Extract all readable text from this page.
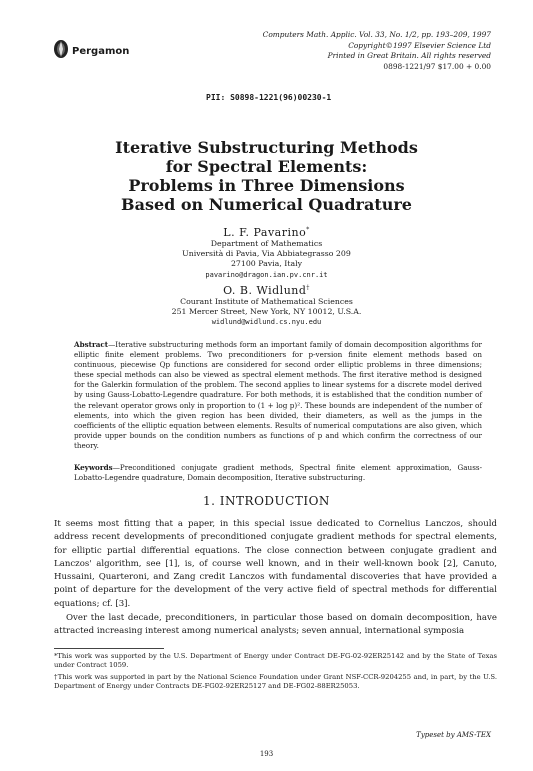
Pergamon
Computers Math. Applic. Vol. 33, No. 1/2, pp. 193–209, 1997
Copyright©1997 Elsevier Science Ltd
Printed in Great Britain. All rights reserved
0898-1221/97 $17.00 + 0.00
PII: S0898-1221(96)00230-1
Iterative Substructuring Methods
for Spectral Elements:
Problems in Three Dimensions
Based on Numerical Quadrature
L. F. Pavarino*
Department of Mathematics
Università di Pavia, Via Abbiategrasso 209
27100 Pavia, Italy
pavarino@dragon.ian.pv.cnr.it
O. B. Widlund†
Courant Institute of Mathematical Sciences
251 Mercer Street, New York, NY 10012, U.S.A.
widlund@widlund.cs.nyu.edu
Abstract—Iterative substructuring methods form an important family of domain decomposition algorithms for elliptic finite element problems. Two preconditioners for p-version finite element methods based on continuous, piecewise Qp functions are considered for second order elliptic problems in three dimensions; these special methods can also be viewed as spectral element methods. The first iterative method is designed for the Galerkin formulation of the problem. The second applies to linear systems for a discrete model derived by using Gauss-Lobatto-Legendre quadrature. For both methods, it is established that the condition number of the relevant operator grows only in proportion to (1 + log p)². These bounds are independent of the number of elements, into which the given region has been divided, their diameters, as well as the jumps in the coefficients of the elliptic equation between elements. Results of numerical computations are also given, which provide upper bounds on the condition numbers as functions of p and which confirm the correctness of our theory.
Keywords—Preconditioned conjugate gradient methods, Spectral finite element approximation, Gauss-Lobatto-Legendre quadrature, Domain decomposition, Iterative substructuring.
1. INTRODUCTION
It seems most fitting that a paper, in this special issue dedicated to Cornelius Lanczos, should address recent developments of preconditioned conjugate gradient methods for spectral elements, for elliptic partial differential equations. The close connection between conjugate gradient and Lanczos' algorithm, see [1], is, of course well known, and in their well-known book [2], Canuto, Hussaini, Quarteroni, and Zang credit Lanczos with fundamental discoveries that have provided a point of departure for the development of the very active field of spectral methods for differential equations; cf. [3].
Over the last decade, preconditioners, in particular those based on domain decomposition, have attracted increasing interest among numerical analysts; seven annual, international symposia
*This work was supported by the U.S. Department of Energy under Contract DE-FG-02-92ER25142 and by the State of Texas under Contract 1059.
†This work was supported in part by the National Science Foundation under Grant NSF-CCR-9204255 and, in part, by the U.S. Department of Energy under Contracts DE-FG02-92ER25127 and DE-FG02-88ER25053.
Typeset by AMS-TEX
193
